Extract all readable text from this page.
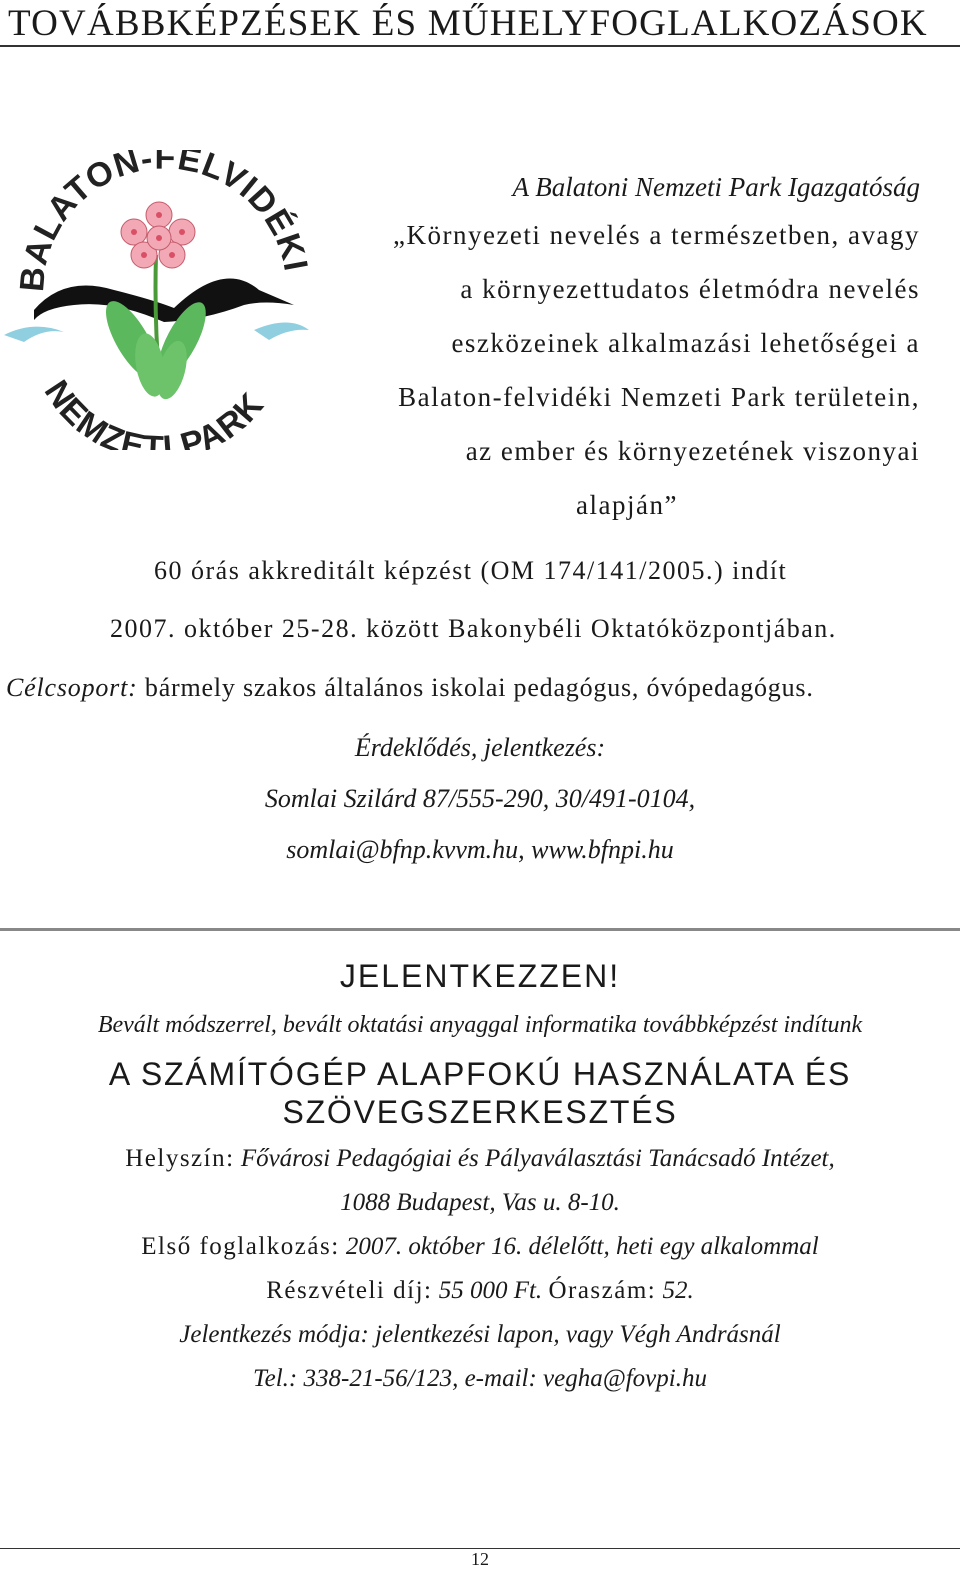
TOVÁBBKÉPZÉSEK ÉS MŰHELYFOGLALKOZÁSOK
BALATON-FELVIDÉKI
NEMZETI PARK
A Balatoni Nemzeti Park Igazgatóság
„Környezeti nevelés a természetben, avagy
a környezettudatos életmódra nevelés
eszközeinek alkalmazási lehetőségei a
Balaton-felvidéki Nemzeti Park területein,
az ember és környezetének viszonyai
alapján”
60 órás akkreditált képzést (OM 174/141/2005.) indít
2007. október 25-28. között Bakonybéli Oktatóközpontjában.
Célcsoport: bármely szakos általános iskolai pedagógus, óvópedagógus.
Érdeklődés, jelentkezés:
Somlai Szilárd 87/555-290, 30/491-0104,
somlai@bfnp.kvvm.hu, www.bfnpi.hu
JELENTKEZZEN!
Bevált módszerrel, bevált oktatási anyaggal informatika továbbképzést indítunk
A SZÁMÍTÓGÉP ALAPFOKÚ HASZNÁLATA ÉS
SZÖVEGSZERKESZTÉS
Helyszín: Fővárosi Pedagógiai és Pályaválasztási Tanácsadó Intézet,
1088 Budapest, Vas u. 8-10.
Első foglalkozás: 2007. október 16. délelőtt, heti egy alkalommal
Részvételi díj: 55 000 Ft. Óraszám: 52.
Jelentkezés módja: jelentkezési lapon, vagy Végh Andrásnál
Tel.: 338-21-56/123, e-mail: vegha@fovpi.hu
12
